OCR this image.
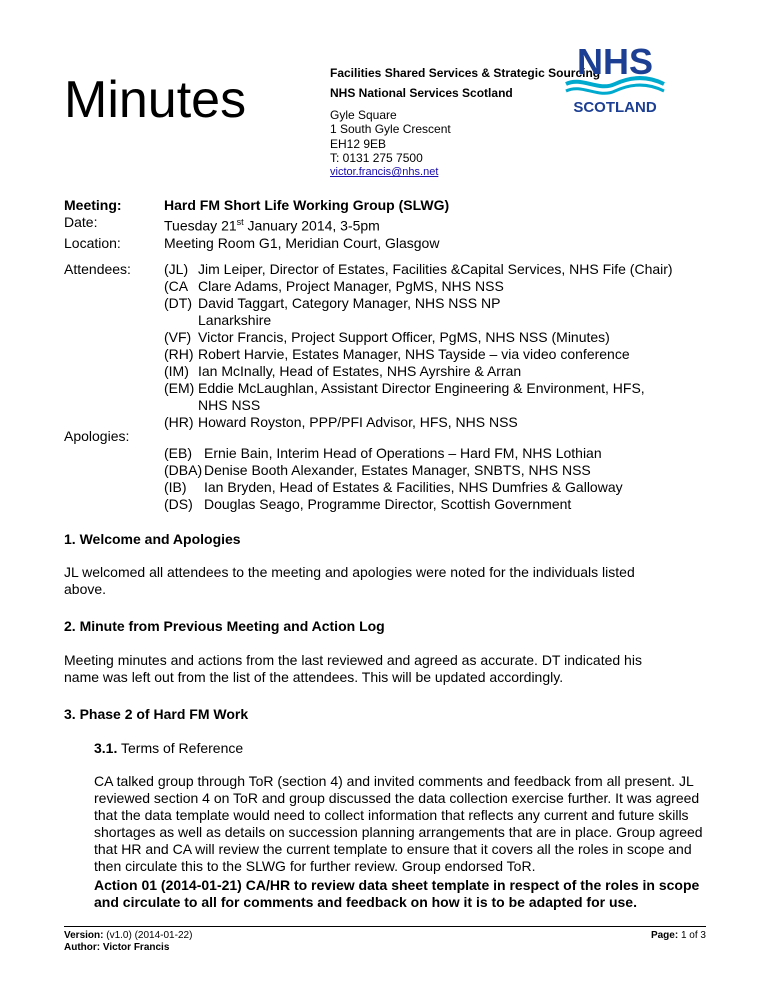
Minutes	Facilities Shared Services & Strategic Sourcing
NHS National Services Scotland
Gyle Square
1 South Gyle Crescent
EH12 9EB
T: 0131 275 7500
victor.francis@nhs.net
NHS
SCOTLAND
Meeting:	Hard FM Short Life Working Group (SLWG)
Date:	Tuesday 21st January 2014, 3-5pm
Location:	Meeting Room G1, Meridian Court, Glasgow
Attendees: (JL) Jim Leiper, Director of Estates, Facilities &Capital Services, NHS Fife (Chair)
(CA Clare Adams, Project Manager, PgMS, NHS NSS
(DT) David Taggart, Category Manager, NHS NSS NP
Lanarkshire
(VF) Victor Francis, Project Support Officer, PgMS, NHS NSS (Minutes)
(RH) Robert Harvie, Estates Manager, NHS Tayside – via video conference
(IM) Ian McInally, Head of Estates, NHS Ayrshire & Arran
(EM) Eddie McLaughlan, Assistant Director Engineering & Environment, HFS,
NHS NSS
(HR) Howard Royston, PPP/PFI Advisor, HFS, NHS NSS
Apologies:
(EB) Ernie Bain, Interim Head of Operations – Hard FM, NHS Lothian
(DBA) Denise Booth Alexander, Estates Manager, SNBTS, NHS NSS
(IB)	Ian Bryden, Head of Estates & Facilities, NHS Dumfries & Galloway
(DS) Douglas Seago, Programme Director, Scottish Government
1. Welcome and Apologies
JL welcomed all attendees to the meeting and apologies were noted for the individuals listed above.
2. Minute from Previous Meeting and Action Log
Meeting minutes and actions from the last reviewed and agreed as accurate. DT indicated his name was left out from the list of the attendees. This will be updated accordingly.
3. Phase 2 of Hard FM Work
3.1. Terms of Reference
CA talked group through ToR (section 4) and invited comments and feedback from all present. JL reviewed section 4 on ToR and group discussed the data collection exercise further. It was agreed that the data template would need to collect information that reflects any current and future skills shortages as well as details on succession planning arrangements that are in place. Group agreed that HR and CA will review the current template to ensure that it covers all the roles in scope and then circulate this to the SLWG for further review. Group endorsed ToR.
Action 01 (2014-01-21) CA/HR to review data sheet template in respect of the roles in scope and circulate to all for comments and feedback on how it is to be adapted for use.
Version: (v1.0) (2014-01-22)
Author: Victor Francis
Page: 1 of 3
